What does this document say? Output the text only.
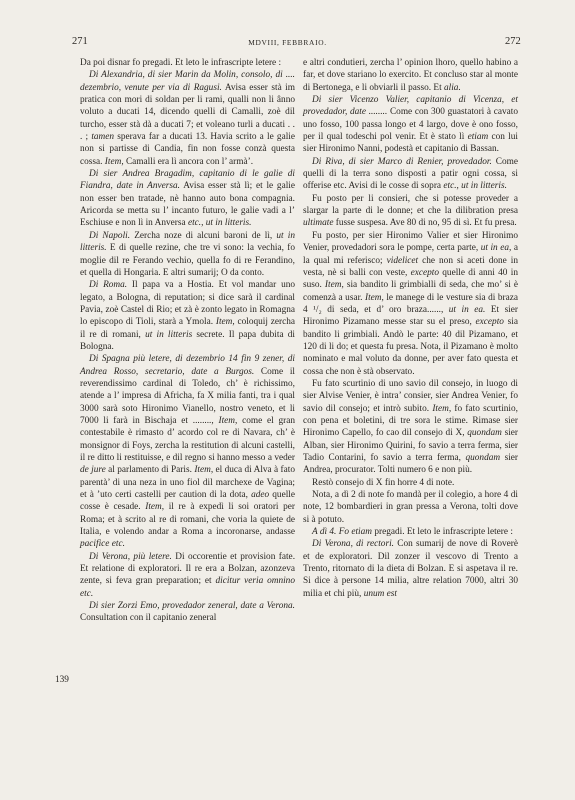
271	MDVIII, FEBBRAIO.	272
139

Da poi disnar fo pregadi. Et leto le infrascripte letere :

Di Alexandria, di sier Marin da Molin, consolo, di .... dezembrio, venute per via di Ragusi. Avisa esser stà im pratica con mori di soldan per li rami, qualli non li ânno voluto a ducati 14, dicendo quelli di Camalli, zoè dil turcho, esser stà dà a ducati 7; et voleano turli a ducati . . . ; tamen sperava far a ducati 13. Havia scrito a le galie non si partisse di Candia, fin non fosse conzà questa cossa. Item, Camalli era lì ancora con l’ armà’.

Di sier Andrea Bragadim, capitanio di le galie di Fiandra, date in Anversa. Avisa esser stà lì; et le galie non esser ben tratade, nè hanno auto bona compagnia. Aricorda se metta su l’ incanto futuro, le galie vadi a l’ Eschiuse e non lì in Anversa etc., ut in litteris.

Di Napoli. Zercha noze di alcuni baroni de lì, ut in litteris. E di quelle rezine, che tre vi sono: la vechia, fo moglie dil re Ferando vechio, quella fo di re Ferandino, et quella di Hongaria. E altri sumarij; O da conto.

Di Roma. Il papa va a Hostia. Et vol mandar uno legato, a Bologna, di reputation; si dice sarà il cardinal Pavia, zoè Castel di Rio; et zà è zonto legato in Romagna lo episcopo di Tioli, starà a Ymola. Item, coloquij zercha il re di romani, ut in litteris secrete. Il papa dubita di Bologna.

Di Spagna più letere, di dezembrio 14 fin 9 zener, di Andrea Rosso, secretario, date a Burgos. Come il reverendissimo cardinal di Toledo, ch’ è richissimo, atende a l’ impresa di Africha, fa X milia fanti, tra i qual 3000 sarà soto Hironimo Vianello, nostro veneto, et li 7000 li farà in Bischaja et ........, Item, come el gran contestabile è rimasto d’ acordo col re di Navara, ch’ è monsignor di Foys, zercha la restitution di alcuni castelli, il re ditto li restituisse, e dil regno si hanno messo a veder de jure al parlamento di Paris. Item, el duca di Alva à fato parentà’ di una neza in uno fiol dil marchexe de Vagina; et à ’uto certi castelli per caution di la dota, adeo quelle cosse è cesade. Item, il re à expedì li soi oratori per Roma; et à scrito al re di romani, che voria la quiete de Italia, e volendo andar a Roma a incoronarse, andasse pacifice etc.

Di Verona, più letere. Di occorentie et provision fate. Et relatione di exploratori. Il re era a Bolzan, azonzeva zente, si feva gran preparation; et dicitur veria omnino etc.

Di sier Zorzi Emo, provedador zeneral, date a Verona. Consultation con il capitanio zeneral

e altri condutieri, zercha l’ opinion lhoro, quello habino a far, et dove stariano lo exercito. Et concluso star al monte di Bertonega, e li obviarli il passo. Et alia.

Di sier Vicenzo Valier, capitanio di Vicenza, et provedador, date ........ Come con 300 guastatori à cavato uno fosso, 100 passa longo et 4 largo, dove è ono fosso, per il qual todeschi pol venir. Et è stato lì etiam con lui sier Hironimo Nanni, podestà et capitanio di Bassan.

Di Riva, di sier Marco di Renier, provedador. Come quelli di la terra sono disposti a patir ogni cossa, si offerise etc. Avisi di le cosse di sopra etc., ut in litteris.

Fu posto per li consieri, che si potesse proveder a slargar la parte di le donne; et che la dilibration presa ultimate fusse suspesa. Ave 80 di no, 95 di sì. Et fu presa.

Fu posto, per sier Hironimo Valier et sier Hironimo Venier, provedadori sora le pompe, certa parte, ut in ea, a la qual mi referisco; videlicet che non si aceti done in vesta, nè si balli con veste, excepto quelle di anni 40 in suso. Item, sia bandito li grimbialli di seda, che mo’ si è comenzà a usar. Item, le manege di le vesture sia di braza 4 ¹/₂ di seda, et d’ oro braza......, ut in ea. Et sier Hironimo Pizamano messe star su el preso, excepto sia bandito li grimbiali. Andò le parte: 40 dil Pizamano, et 120 di li do; et questa fu presa. Nota, il Pizamano è molto nominato e mal voluto da donne, per aver fato questa et cossa che non è stà observato.

Fu fato scurtinio di uno savio dil consejo, in luogo di sier Alvise Venier, è intra’ consier, sier Andrea Venier, fo savio dil consejo; et intrò subito. Item, fo fato scurtinio, con pena et boletini, di tre sora le stime. Rimase sier Hironimo Capello, fo cao dil consejo di X, quondam sier Alban, sier Hironimo Quirini, fo savio a terra ferma, sier Tadio Contarini, fo savio a terra ferma, quondam sier Andrea, procurator. Tolti numero 6 e non più.

Restò consejo di X fin horre 4 di note.

Nota, a dì 2 di note fo mandà per il colegio, a hore 4 di note, 12 bombardieri in gran pressa a Verona, tolti dove si à potuto.

A dì 4. Fo etiam pregadi. Et leto le infrascripte letere :

Di Verona, di rectori. Con sumarij de nove di Roverè et de exploratori. Dil zonzer il vescovo di Trento a Trento, ritornato di la dieta di Bolzan. E si aspetava il re. Si dice à persone 14 milia, altre relation 7000, altri 30 milia et chi più, unum est
